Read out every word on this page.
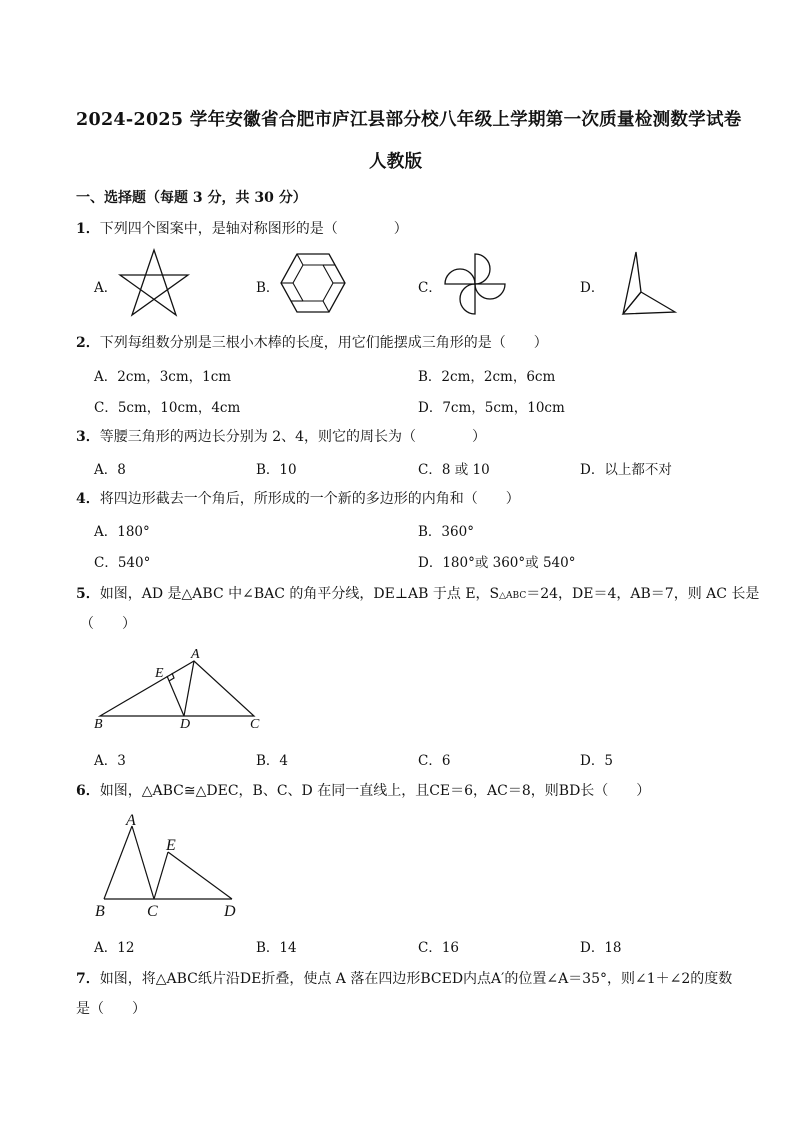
2024-2025 学年安徽省合肥市庐江县部分校八年级上学期第一次质量检测数学试卷
人教版
一、选择题（每题 3 分，共 30 分）
1．下列四个图案中，是轴对称图形的是（　　　　）
A．	B．	C．	D．
2．下列每组数分别是三根小木棒的长度，用它们能摆成三角形的是（　　）
A．2cm，3cm，1cm	B．2cm，2cm，6cm
C．5cm，10cm，4cm	D．7cm，5cm，10cm
3．等腰三角形的两边长分别为 2、4，则它的周长为（　　　　）
A．8	B．10	C．8 或 10	D．以上都不对
4．将四边形截去一个角后，所形成的一个新的多边形的内角和（　　）
A．180°	B．360°
C．540°	D．180°或 360°或 540°
5．如图，AD 是△ABC 中∠BAC 的角平分线，DE⊥AB 于点 E，S△ABC＝24，DE＝4，AB＝7，则 AC 长是
（　　）
A
E
B	D	C
A．3	B．4	C．6	D．5
6．如图，△ABC≅△DEC，B、C、D 在同一直线上，且CE＝6，AC＝8，则BD长（　　）
A
E
B	C	D
A．12	B．14	C．16	D．18
7．如图，将△ABC纸片沿DE折叠，使点 A 落在四边形BCED内点A′的位置∠A＝35°，则∠1＋∠2的度数
是（　　）
